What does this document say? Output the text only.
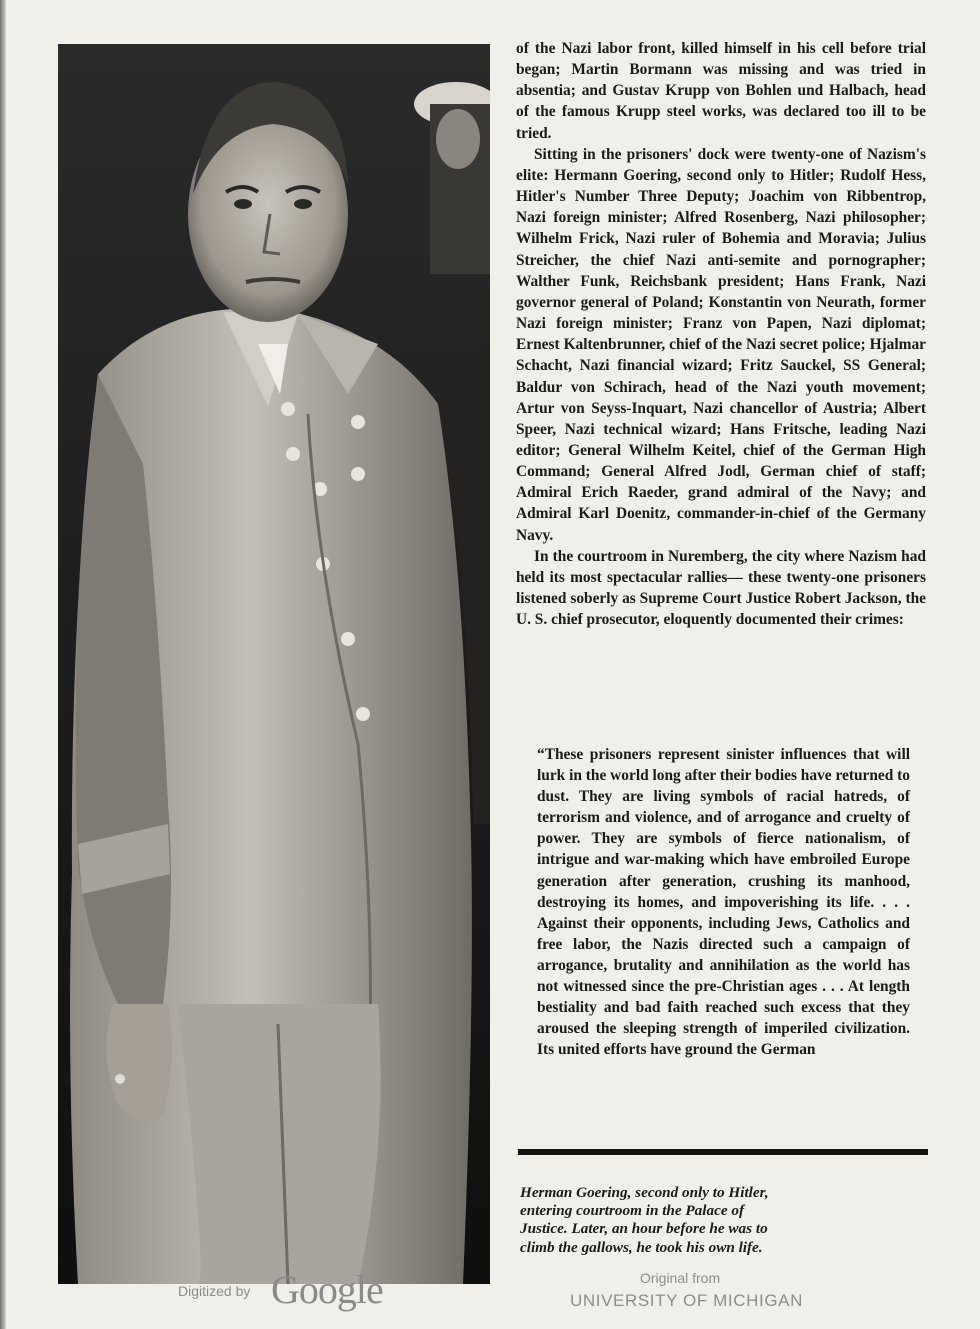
of the Nazi labor front, killed himself in his cell before trial began; Martin Bormann was missing and was tried in absentia; and Gustav Krupp von Bohlen und Halbach, head of the famous Krupp steel works, was declared too ill to be tried.

Sitting in the prisoners' dock were twenty-one of Nazism's elite: Hermann Goering, second only to Hitler; Rudolf Hess, Hitler's Number Three Deputy; Joachim von Ribbentrop, Nazi foreign minister; Alfred Rosenberg, Nazi philosopher; Wilhelm Frick, Nazi ruler of Bohemia and Moravia; Julius Streicher, the chief Nazi anti-semite and pornographer; Walther Funk, Reichsbank president; Hans Frank, Nazi governor general of Poland; Konstantin von Neurath, former Nazi foreign minister; Franz von Papen, Nazi diplomat; Ernest Kaltenbrunner, chief of the Nazi secret police; Hjalmar Schacht, Nazi financial wizard; Fritz Sauckel, SS General; Baldur von Schirach, head of the Nazi youth movement; Artur von Seyss-Inquart, Nazi chancellor of Austria; Albert Speer, Nazi technical wizard; Hans Fritsche, leading Nazi editor; General Wilhelm Keitel, chief of the German High Command; General Alfred Jodl, German chief of staff; Admiral Erich Raeder, grand admiral of the Navy; and Admiral Karl Doenitz, commander-in-chief of the Germany Navy.

In the courtroom in Nuremberg, the city where Nazism had held its most spectacular rallies— these twenty-one prisoners listened soberly as Supreme Court Justice Robert Jackson, the U. S. chief prosecutor, eloquently documented their crimes:

“These prisoners represent sinister influences that will lurk in the world long after their bodies have returned to dust. They are living symbols of racial hatreds, of terrorism and violence, and of arrogance and cruelty of power. They are symbols of fierce nationalism, of intrigue and war-making which have embroiled Europe generation after generation, crushing its manhood, destroying its homes, and impoverishing its life. . . . Against their opponents, including Jews, Catholics and free labor, the Nazis directed such a campaign of arrogance, brutality and annihilation as the world has not witnessed since the pre-Christian ages . . . At length bestiality and bad faith reached such excess that they aroused the sleeping strength of imperiled civilization. Its united efforts have ground the German

Herman Goering, second only to Hitler, entering courtroom in the Palace of Justice. Later, an hour before he was to climb the gallows, he took his own life.

Digitized by Google	Original from
UNIVERSITY OF MICHIGAN
